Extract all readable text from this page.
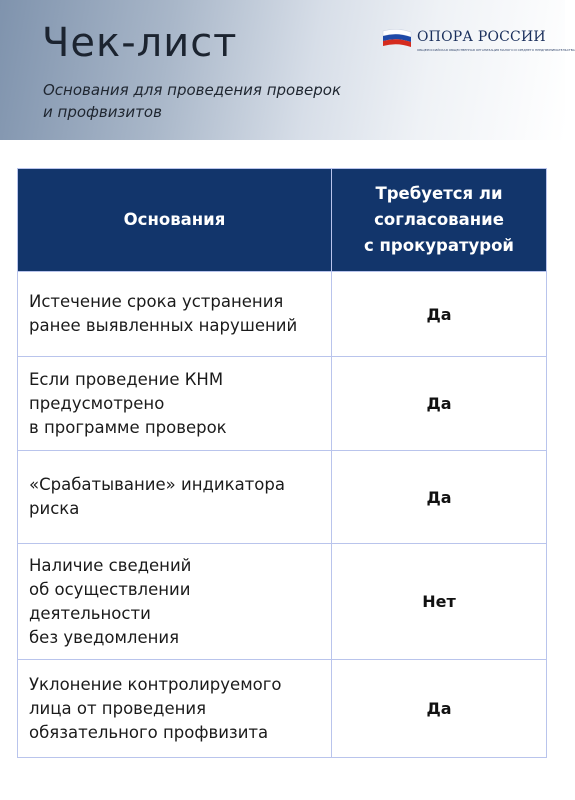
Чек-лист
Основания для проведения проверок
и профвизитов
ОПОРА РОССИИ
ОБЩЕРОССИЙСКАЯ ОБЩЕСТВЕННАЯ ОРГАНИЗАЦИЯ МАЛОГО И СРЕДНЕГО ПРЕДПРИНИМАТЕЛЬСТВА
Основания	Требуется ли
согласование
с прокуратурой
Истечение срока устранения
ранее выявленных нарушений	Да
Если проведение КНМ
предусмотрено
в программе проверок	Да
«Срабатывание» индикатора
риска	Да
Наличие сведений
об осуществлении
деятельности
без уведомления	Нет
Уклонение контролируемого
лица от проведения
обязательного профвизита	Да
